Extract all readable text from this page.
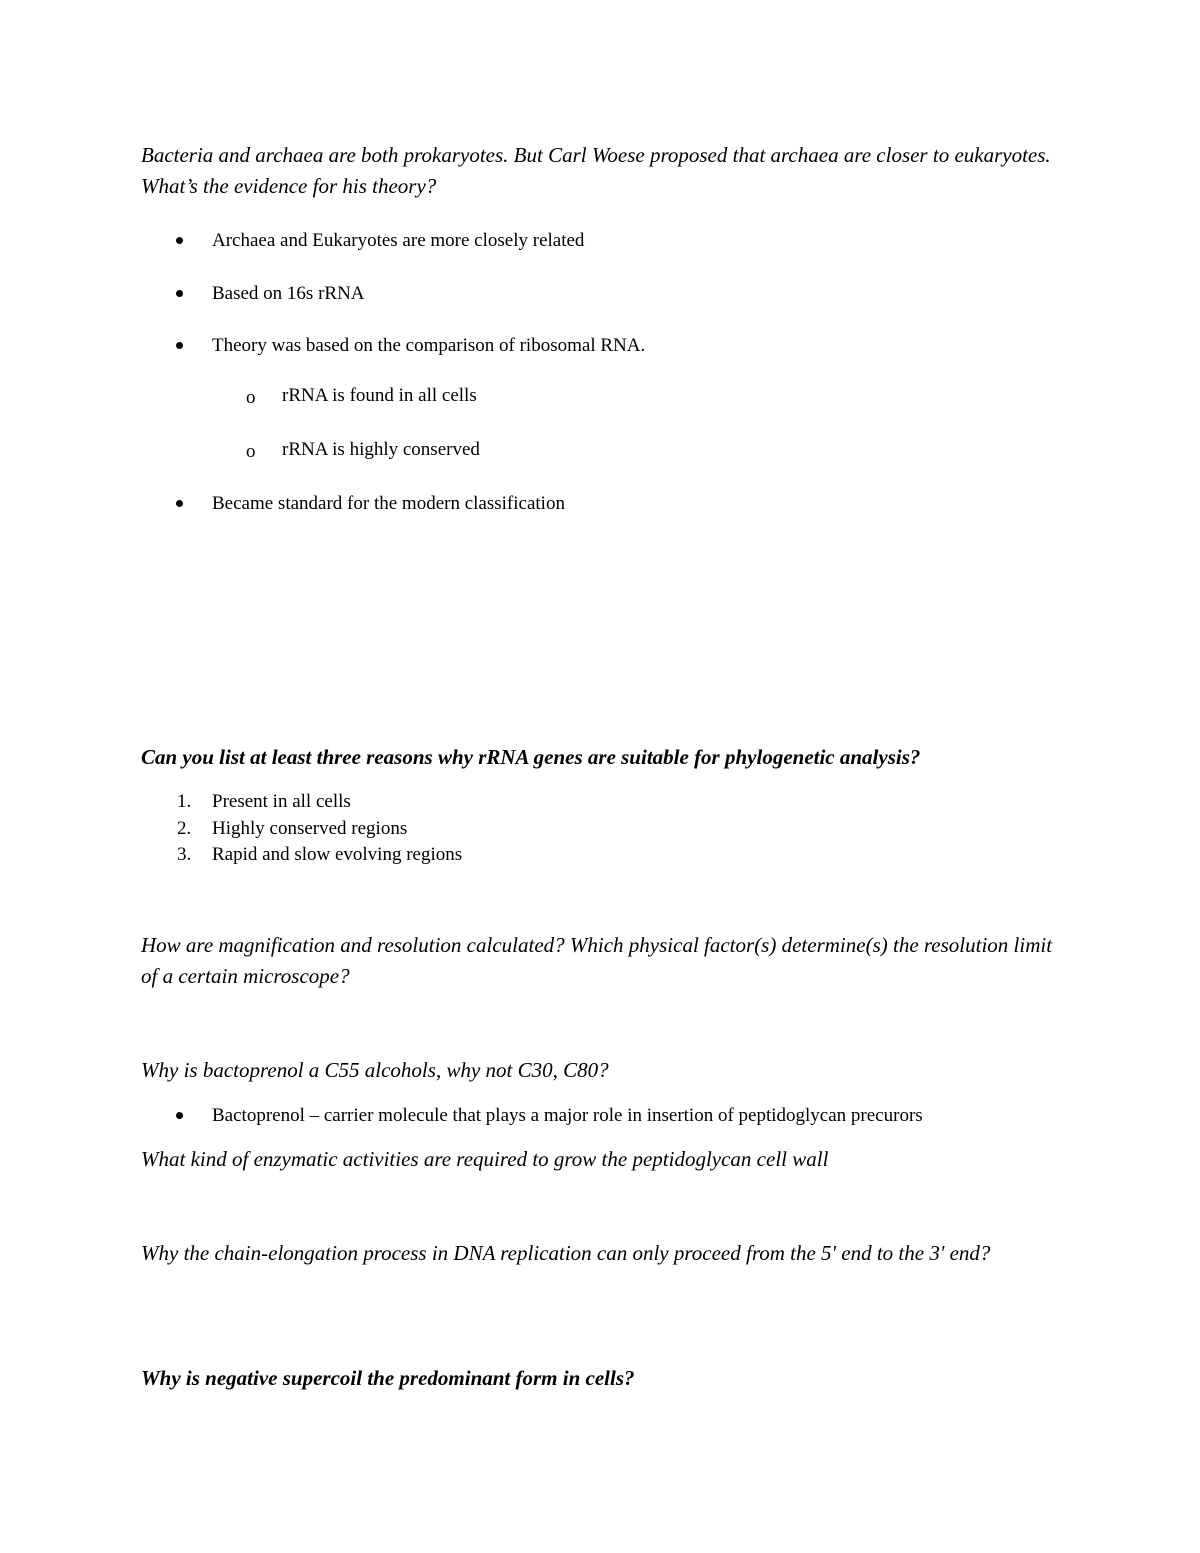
Bacteria and archaea are both prokaryotes. But Carl Woese proposed that archaea are closer to eukaryotes. What’s the evidence for his theory?

Archaea and Eukaryotes are more closely related
Based on 16s rRNA
Theory was based on the comparison of ribosomal RNA.
o rRNA is found in all cells
o rRNA is highly conserved
Became standard for the modern classification

Can you list at least three reasons why rRNA genes are suitable for phylogenetic analysis?

1. Present in all cells
2. Highly conserved regions
3. Rapid and slow evolving regions

How are magnification and resolution calculated? Which physical factor(s) determine(s) the resolution limit of a certain microscope?

Why is bactoprenol a C55 alcohols, why not C30, C80?

Bactoprenol – carrier molecule that plays a major role in insertion of peptidoglycan precurors

What kind of enzymatic activities are required to grow the peptidoglycan cell wall

Why the chain-elongation process in DNA replication can only proceed from the 5' end to the 3' end?

Why is negative supercoil the predominant form in cells?
